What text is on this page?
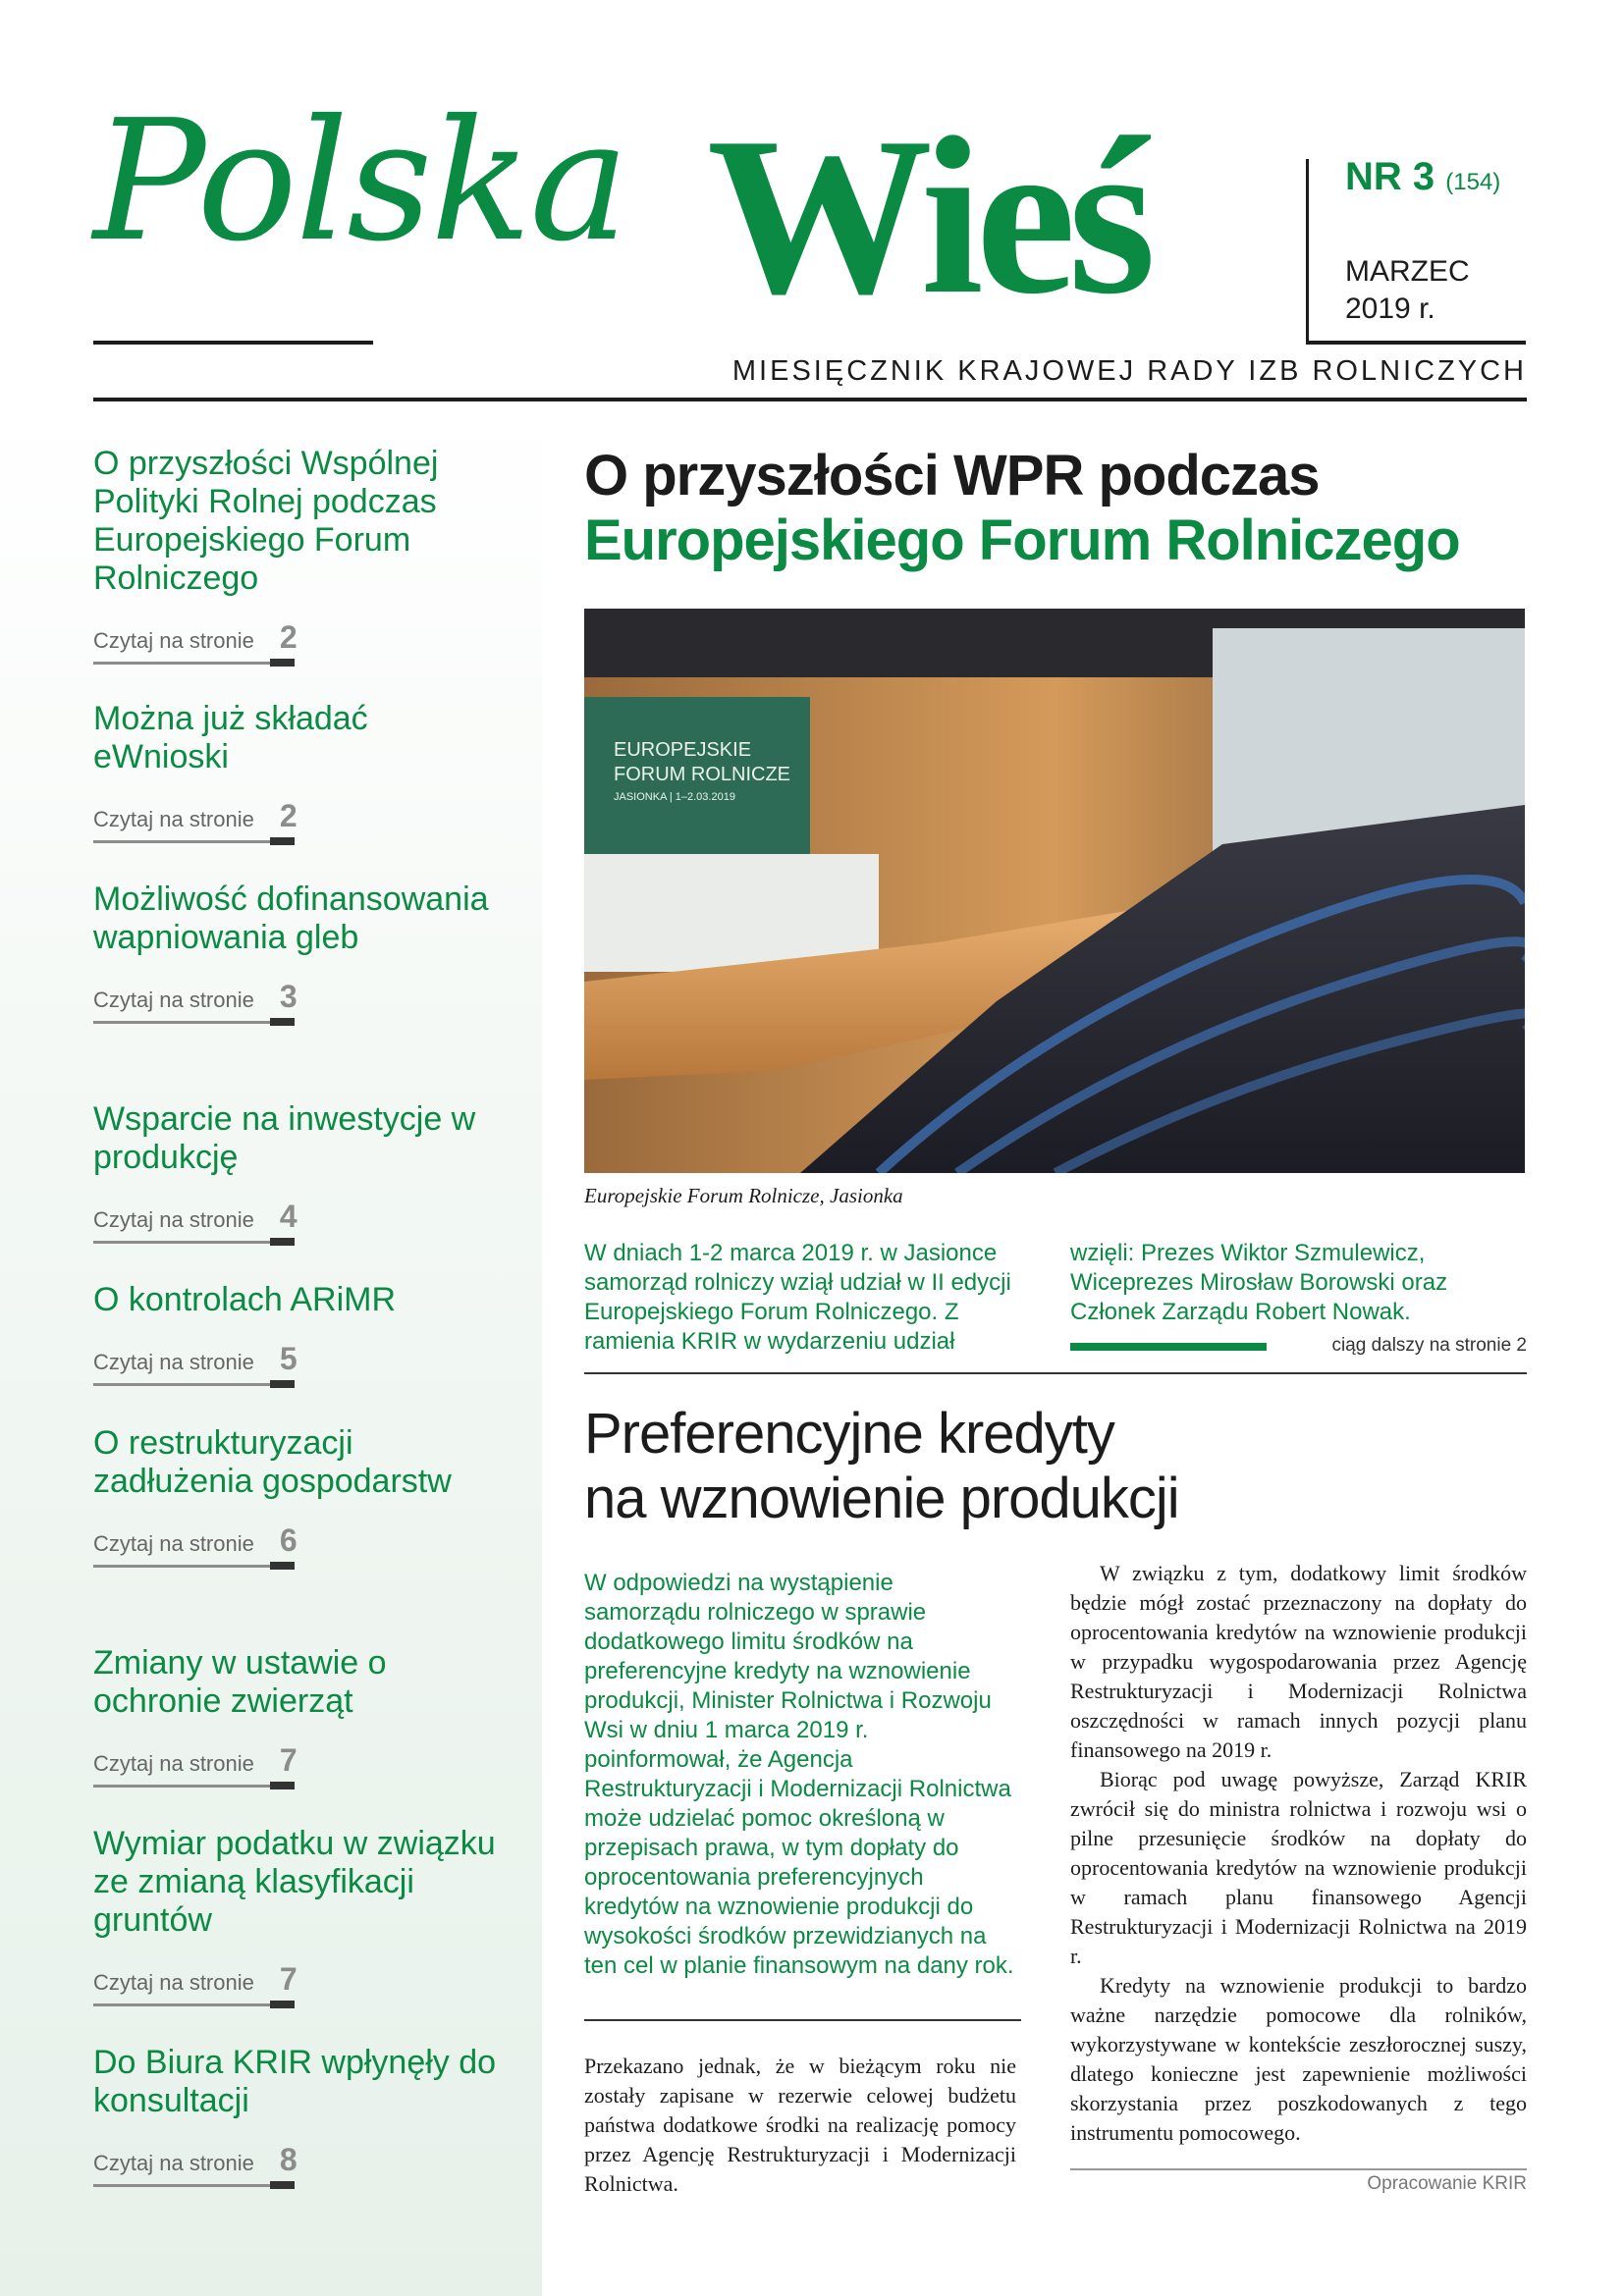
Polska Wieś	NR 3 (154)
MARZEC
2019 r.
MIESIĘCZNIK KRAJOWEJ RADY IZB ROLNICZYCH
O przyszłości Wspólnej Polityki Rolnej podczas Europejskiego Forum Rolniczego
Czytaj na stronie 2
Można już składać eWnioski
Czytaj na stronie 2
Możliwość dofinansowania wapniowania gleb
Czytaj na stronie 3
Wsparcie na inwestycje w produkcję
Czytaj na stronie 4
O kontrolach ARiMR
Czytaj na stronie 5
O restrukturyzacji zadłużenia gospodarstw
Czytaj na stronie 6
Zmiany w ustawie o ochronie zwierząt
Czytaj na stronie 7
Wymiar podatku w związku ze zmianą klasyfikacji gruntów
Czytaj na stronie 7
Do Biura KRIR wpłynęły do konsultacji
Czytaj na stronie 8
O przyszłości WPR podczas
Europejskiego Forum Rolniczego
EUROPEJSKIE
FORUM ROLNICZE
JASIONKA | 1–2.03.2019
Europejskie Forum Rolnicze, Jasionka
W dniach 1-2 marca 2019 r. w Jasionce samorząd rolniczy wziął udział w II edycji Europejskiego Forum Rolniczego. Z ramienia KRIR w wydarzeniu udział
wzięli: Prezes Wiktor Szmulewicz, Wiceprezes Mirosław Borowski oraz Członek Zarządu Robert Nowak.
ciąg dalszy na stronie 2
Preferencyjne kredyty
na wznowienie produkcji
W odpowiedzi na wystąpienie samorządu rolniczego w sprawie dodatkowego limitu środków na preferencyjne kredyty na wznowienie produkcji, Minister Rolnictwa i Rozwoju Wsi w dniu 1 marca 2019 r. poinformował, że Agencja Restrukturyzacji i Modernizacji Rolnictwa może udzielać pomoc określoną w przepisach prawa, w tym dopłaty do oprocentowania preferencyjnych kredytów na wznowienie produkcji do wysokości środków przewidzianych na ten cel w planie finansowym na dany rok.

Przekazano jednak, że w bieżącym roku nie zostały zapisane w rezerwie celowej budżetu państwa dodatkowe środki na realizację pomocy przez Agencję Restrukturyzacji i Modernizacji Rolnictwa.

W związku z tym, dodatkowy limit środków będzie mógł zostać przeznaczony na dopłaty do oprocentowania kredytów na wznowienie produkcji w przypadku wygospodarowania przez Agencję Restrukturyzacji i Modernizacji Rolnictwa oszczędności w ramach innych pozycji planu finansowego na 2019 r.

Biorąc pod uwagę powyższe, Zarząd KRIR zwrócił się do ministra rolnictwa i rozwoju wsi o pilne przesunięcie środków na dopłaty do oprocentowania kredytów na wznowienie produkcji w ramach planu finansowego Agencji Restrukturyzacji i Modernizacji Rolnictwa na 2019 r.

Kredyty na wznowienie produkcji to bardzo ważne narzędzie pomocowe dla rolników, wykorzystywane w kontekście zeszłorocznej suszy, dlatego konieczne jest zapewnienie możliwości skorzystania przez poszkodowanych z tego instrumentu pomocowego.

Opracowanie KRIR
